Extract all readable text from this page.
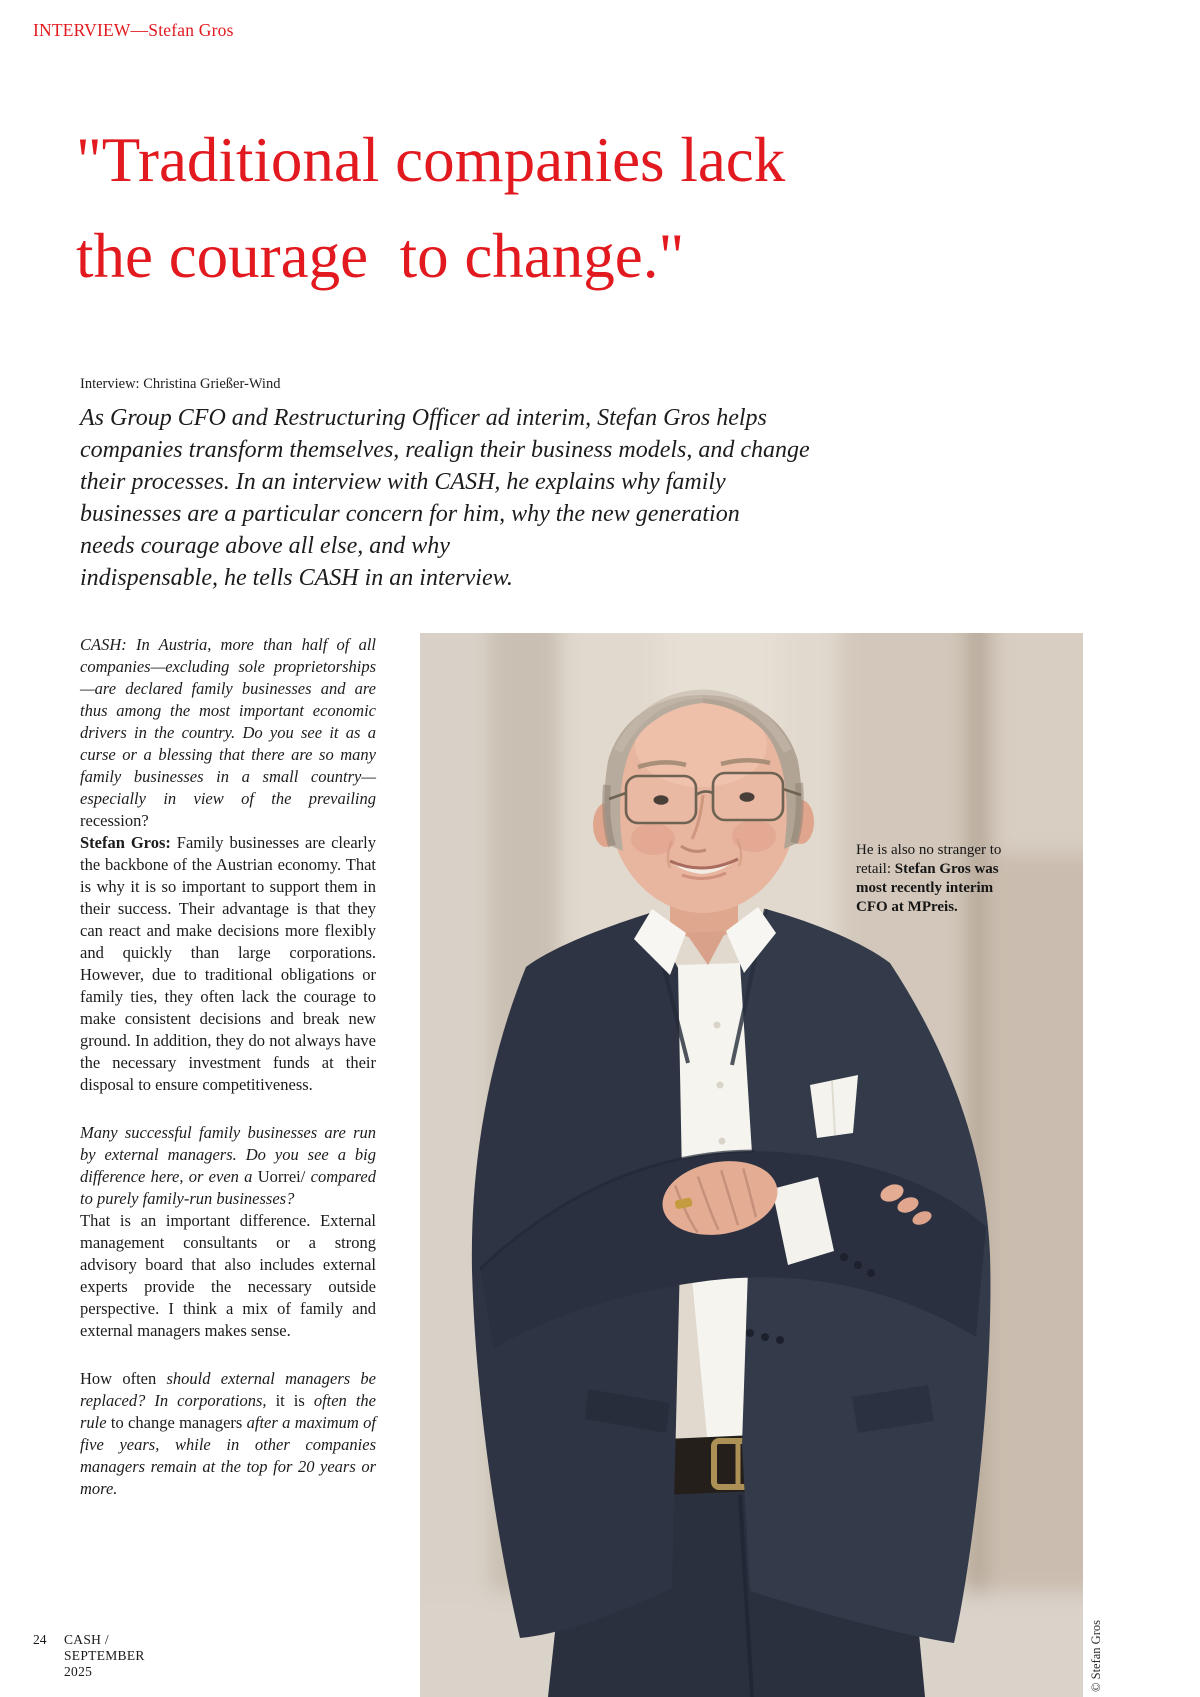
INTERVIEW—Stefan Gros
"Traditional companies lack
the courage  to change."
Interview: Christina Grießer-Wind
As Group CFO and Restructuring Officer ad interim, Stefan Gros helps
companies transform themselves, realign their business models, and change
their processes. In an interview with CASH, he explains why family
businesses are a particular concern for him, why the new generation
needs courage above all else, and why
indispensable, he tells CASH in an interview.

CASH: In Austria, more than half of all companies—excluding sole proprietorships—are declared family businesses and are thus among the most important economic drivers in the country. Do you see it as a curse or a blessing that there are so many family businesses in a small country—especially in view of the prevailing recession?
Stefan Gros: Family businesses are clearly the backbone of the Austrian economy. That is why it is so important to support them in their success. Their advantage is that they can react and make decisions more flexibly and quickly than large corporations. However, due to traditional obligations or family ties, they often lack the courage to make consistent decisions and break new ground. In addition, they do not always have the necessary investment funds at their disposal to ensure competitiveness.

Many successful family businesses are run by external managers. Do you see a big difference here, or even a Uorrei/ compared to purely family-run businesses?
That is an important difference. External management consultants or a strong advisory board that also includes external experts provide the necessary outside perspective. I think a mix of family and external managers makes sense.

How often should external managers be replaced? In corporations, it is often the rule to change managers after a maximum of five years, while in other companies managers remain at the top for 20 years or more.

He is also no stranger to retail: Stefan Gros was most recently interim CFO at MPreis.
24 CASH / SEPTEMBER 2025	© Stefan Gros
